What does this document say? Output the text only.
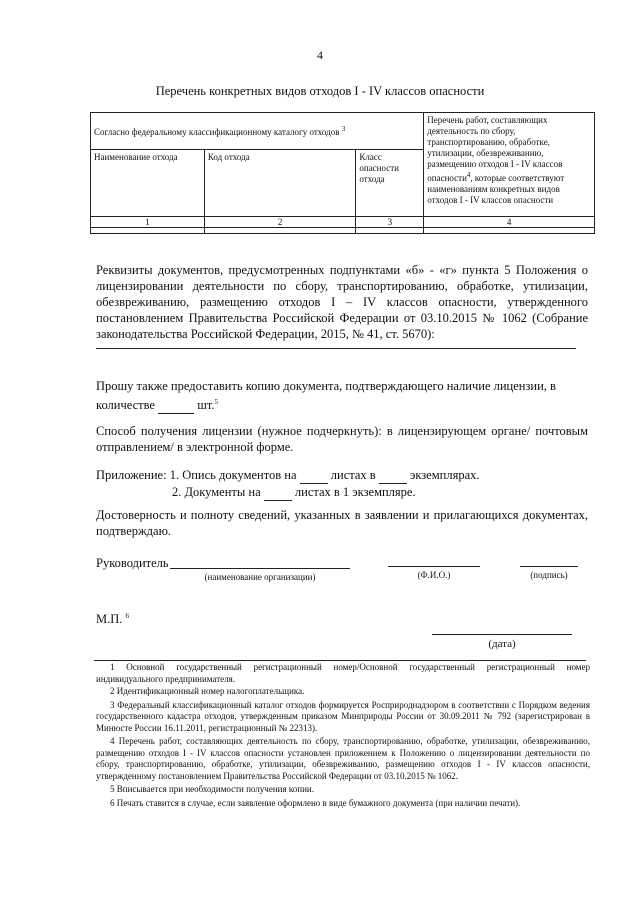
4
Перечень конкретных видов отходов I - IV классов опасности
Согласно федеральному классификационному каталогу отходов $^3$			Перечень работ, составляющих деятельность по сбору, транспортированию, обработке, утилизации, обезвреживанию, размещению отходов I - IV классов опасности$^4$, которые соответствуют наименованиям конкретных видов отходов I - IV классов опасности
Наименование отхода	Код отхода	Класс опасности отхода	
1	2	3	4

Реквизиты документов, предусмотренных подпунктами «б» - «г» пункта 5 Положения о лицензировании деятельности по сбору, транспортированию, обработке, утилизации, обезвреживанию, размещению отходов I – IV классов опасности, утвержденного постановлением Правительства Российской Федерации от 03.10.2015 № 1062 (Собрание законодательства Российской Федерации, 2015, № 41, ст. 5670):
Прошу также предоставить копию документа, подтверждающего наличие лицензии, в
количестве	шт.$^5$
Способ получения лицензии (нужное подчеркнуть): в лицензирующем органе/ почтовым отправлением/ в электронной форме.
Приложение: 1. Опись документов на	листах в	экземплярах.
2. Документы на	листах в 1 экземпляре.
Достоверность и полноту сведений, указанных в заявлении и прилагающихся документах, подтверждаю.
Руководитель
(наименование организации)	(Ф.И.О.)	(подпись)
М.П. $^6$
(дата)
1 Основной государственный регистрационный номер/Основной государственный регистрационный номер индивидуального предпринимателя.
2 Идентификационный номер налогоплательщика.
3 Федеральный классификационный каталог отходов формируется Росприроднадзором в соответствии с Порядком ведения государственного кадастра отходов, утвержденным приказом Минприроды России от 30.09.2011 № 792 (зарегистрирован в Минюсте России 16.11.2011, регистрационный № 22313).
4 Перечень работ, составляющих деятельность по сбору, транспортированию, обработке, утилизации, обезвреживанию, размещению отходов I - IV классов опасности установлен приложением к Положению о лицензировании деятельности по сбору, транспортированию, обработке, утилизации, обезвреживанию, размещению отходов I - IV классов опасности, утвержденному постановлением Правительства Российской Федерации от 03.10.2015 № 1062.
5 Вписывается при необходимости получения копии.
6 Печать ставится в случае, если заявление оформлено в виде бумажного документа (при наличии печати).
